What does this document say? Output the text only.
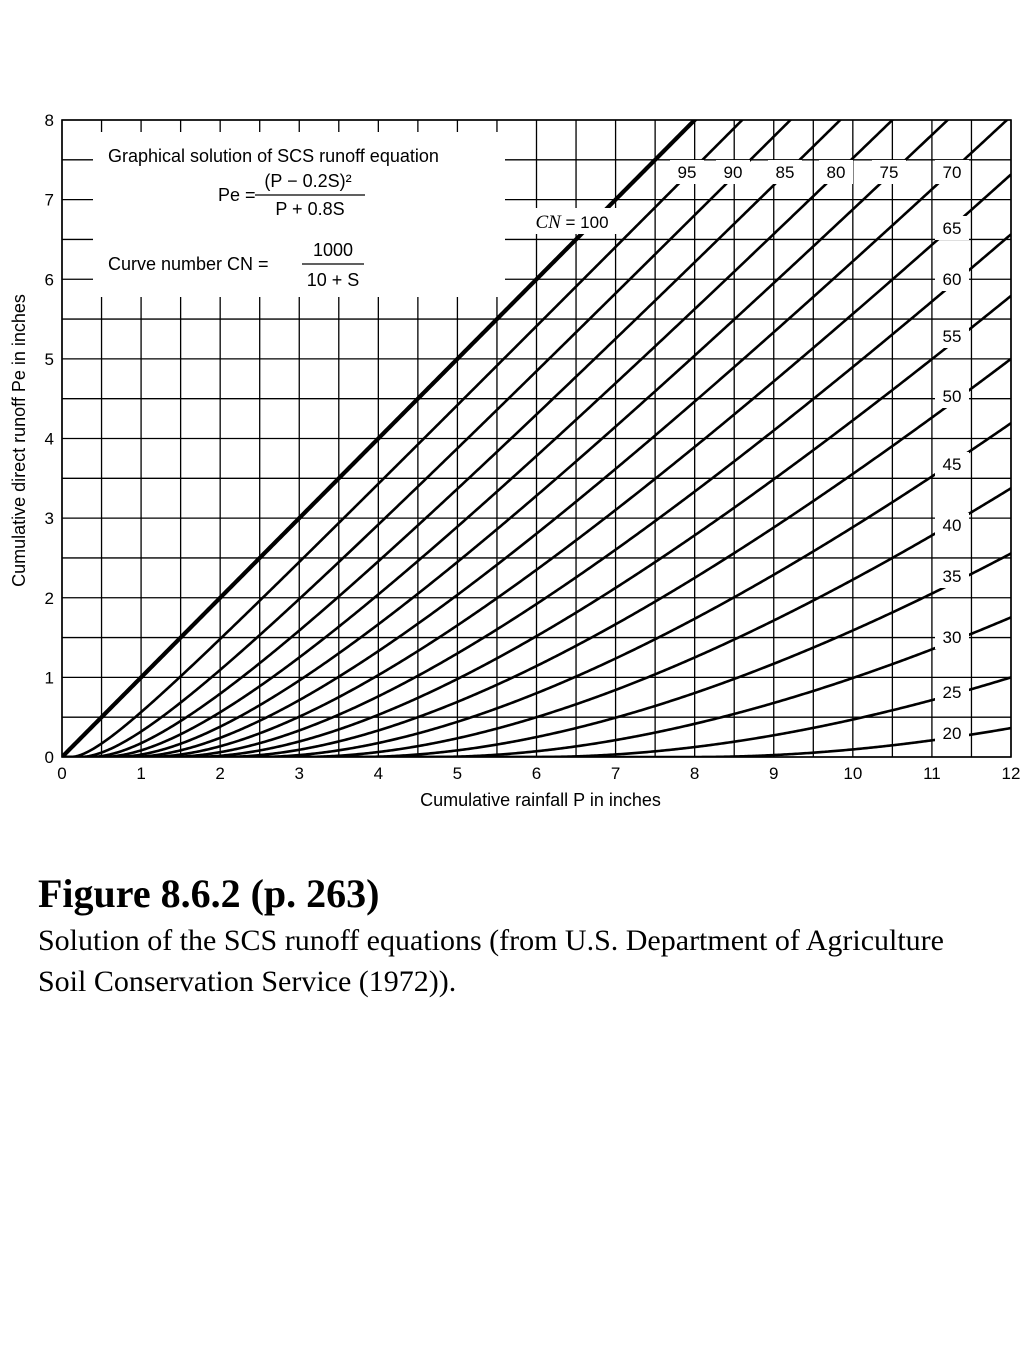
95 90 85 80 75	70
65
60
55
50
45
40
35
30
25
20
CN = 100
Graphical solution of SCS runoff equation
Pe =
(P − 0.2S)²
P + 0.8S
Curve number CN =
1000
10 + S
0	1	2	3	4	5	6	7	8	9	10	11	12
0
1
2
3
4
5
6
7
8
Cumulative rainfall P in inches
Cumulative direct runoff Pe in inches

Figure 8.6.2 (p. 263)

Solution of the SCS runoff equations (from U.S. Department of Agriculture Soil Conservation Service (1972)).
